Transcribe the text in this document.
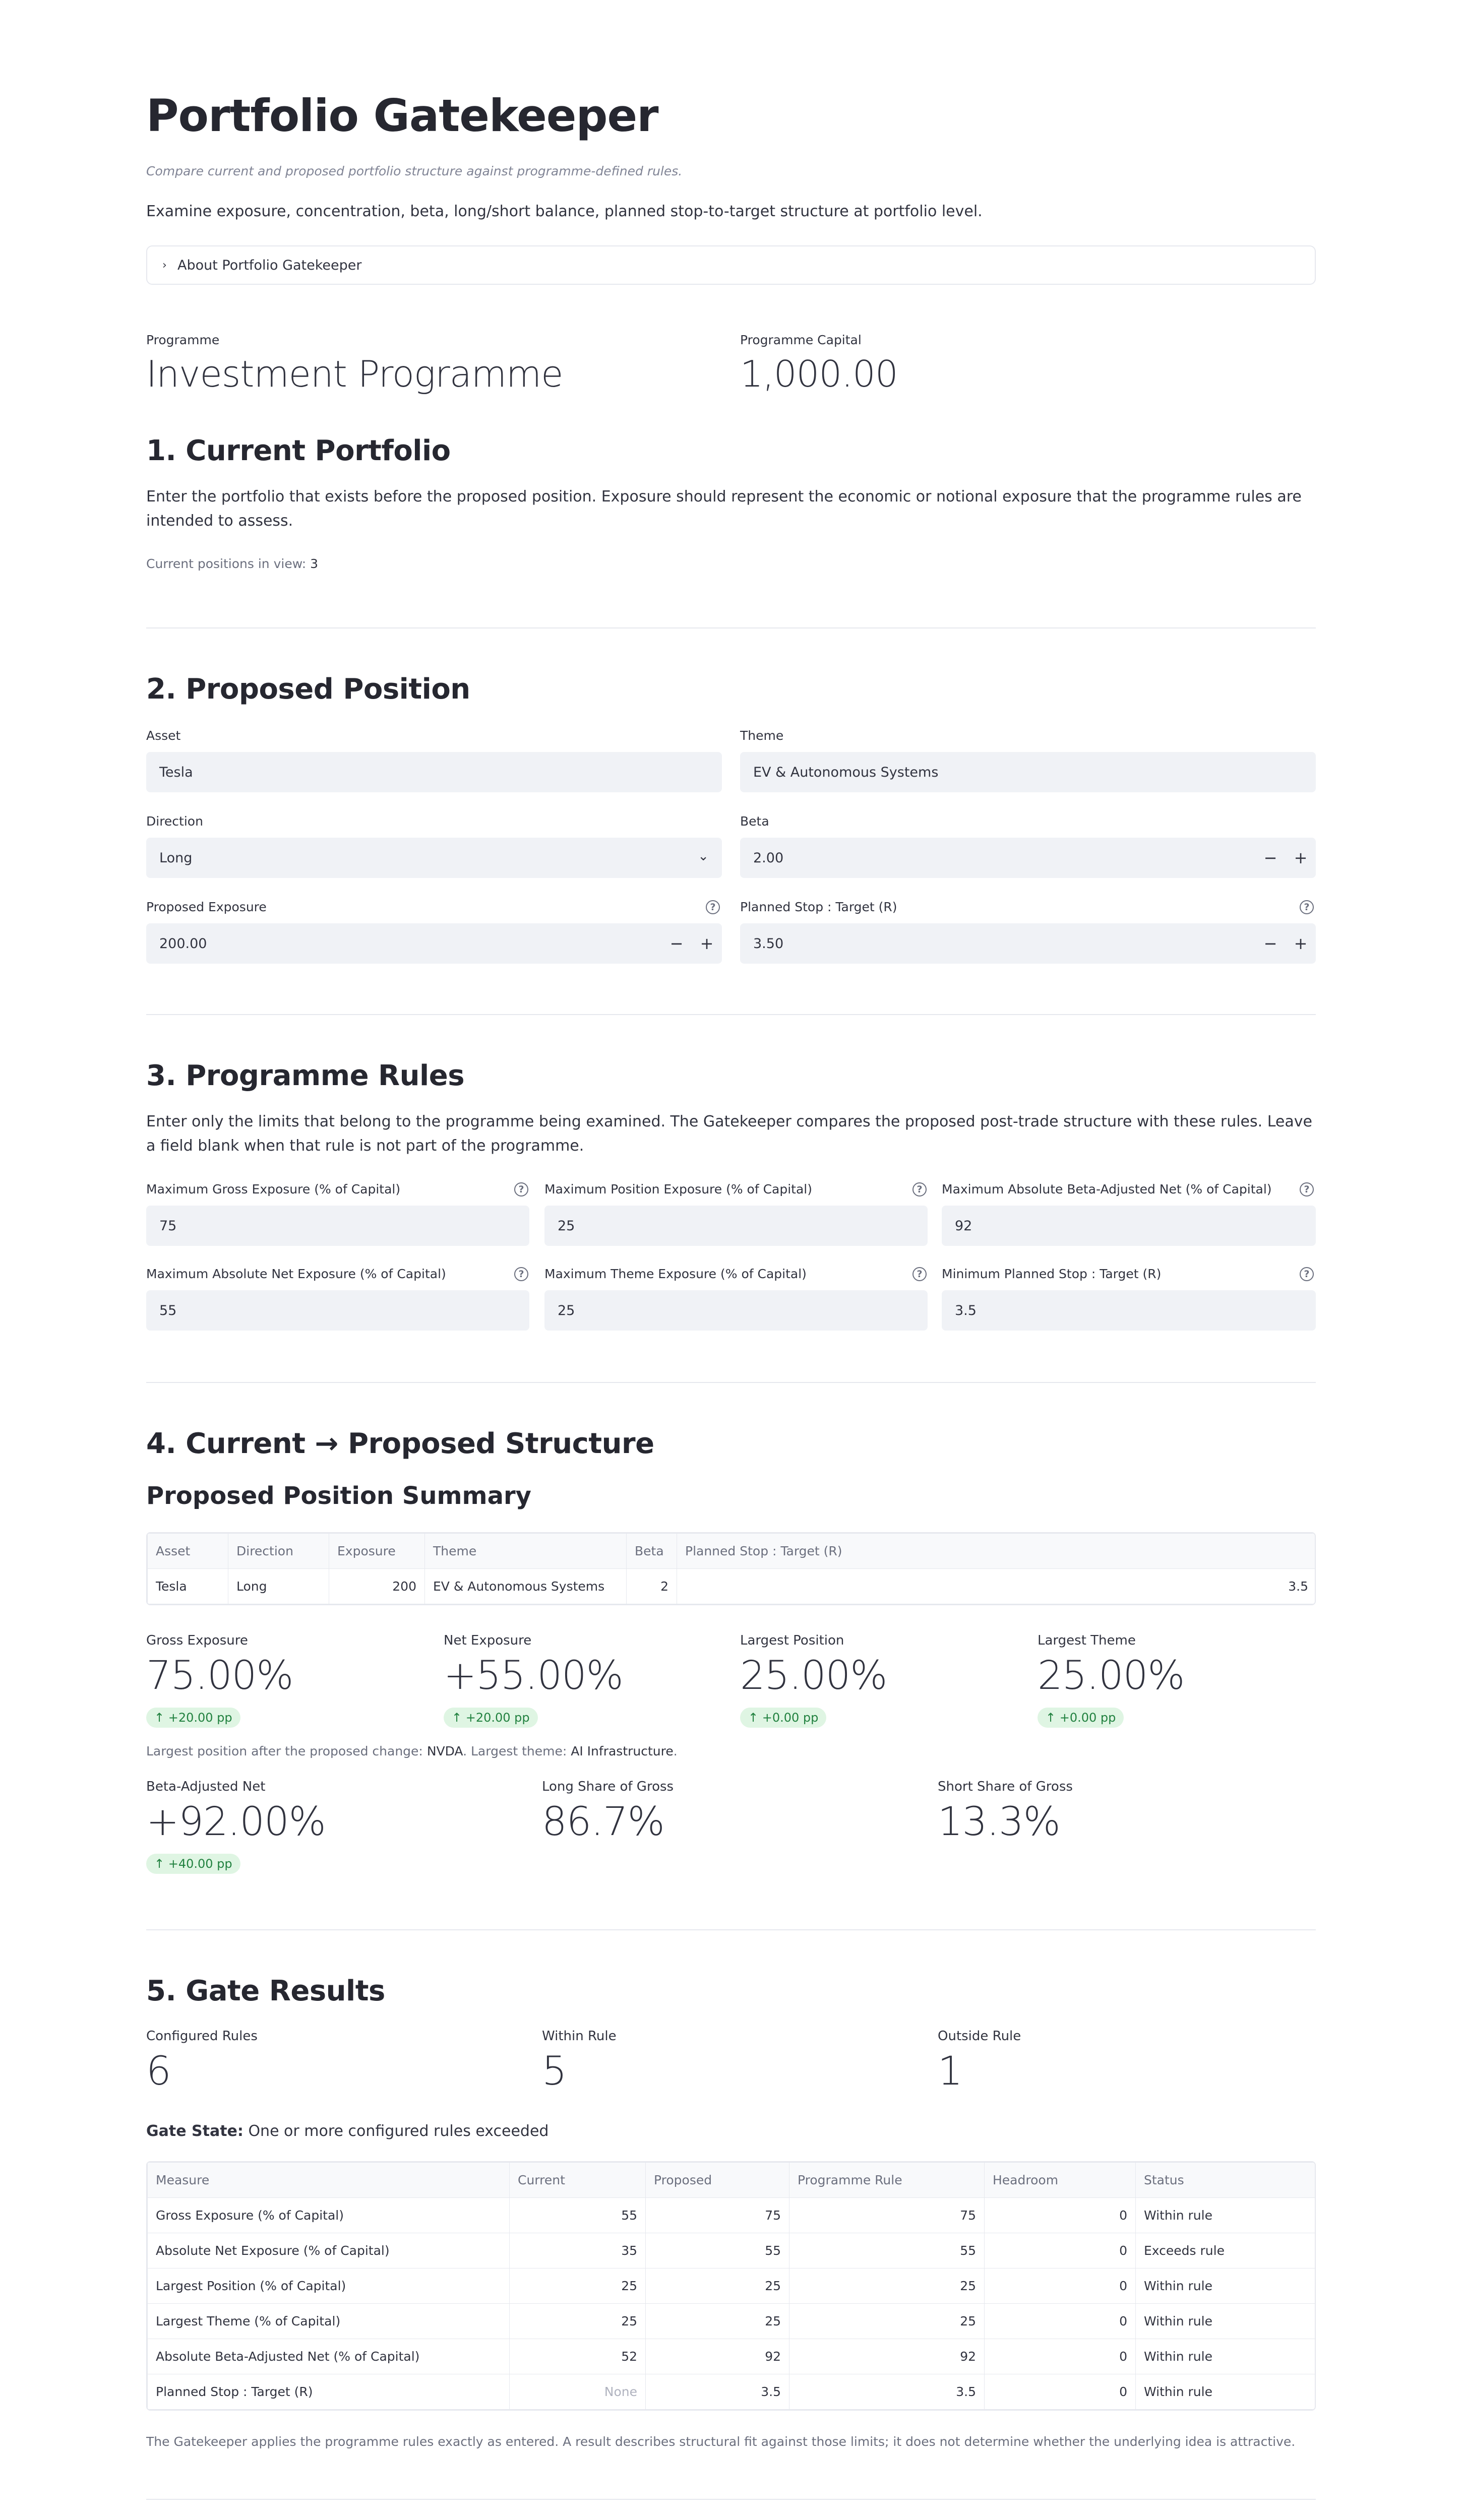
Portfolio Gatekeeper
Compare current and proposed portfolio structure against programme-defined rules.
Examine exposure, concentration, beta, long/short balance, planned stop-to-target structure at portfolio level.
› About Portfolio Gatekeeper
Programme
Investment Programme
Programme Capital
1,000.00
1. Current Portfolio
Enter the portfolio that exists before the proposed position. Exposure should represent the economic or notional exposure that the programme rules are intended to assess.
Current positions in view: 3
2. Proposed Position
Asset
Tesla
Theme
EV & Autonomous Systems
Direction
Long	⌄
Beta
2.00	−	+
Proposed Exposure	?
200.00	−	+
Planned Stop : Target (R)	?
3.50	−	+
3. Programme Rules
Enter only the limits that belong to the programme being examined. The Gatekeeper compares the proposed post-trade structure with these rules. Leave a field blank when that rule is not part of the programme.
Maximum Gross Exposure (% of Capital)	?
75
Maximum Position Exposure (% of Capital)	?
25
Maximum Absolute Beta-Adjusted Net (% of Capital)	?
92
Maximum Absolute Net Exposure (% of Capital)	?
55
Maximum Theme Exposure (% of Capital)	?
25
Minimum Planned Stop : Target (R)	?
3.5
4. Current → Proposed Structure
Proposed Position Summary
Asset	Direction	Exposure	Theme	Beta	Planned Stop : Target (R)
Tesla	Long	200	EV & Autonomous Systems	2	3.5
Gross Exposure
75.00%
↑ +20.00 pp
Net Exposure
+55.00%
↑ +20.00 pp
Largest Position
25.00%
↑ +0.00 pp
Largest Theme
25.00%
↑ +0.00 pp
Largest position after the proposed change: NVDA. Largest theme: AI Infrastructure.
Beta-Adjusted Net
+92.00%
↑ +40.00 pp
Long Share of Gross
86.7%
Short Share of Gross
13.3%
5. Gate Results
Configured Rules
6
Within Rule
5
Outside Rule
1
Gate State: One or more configured rules exceeded
Measure	Current	Proposed	Programme Rule	Headroom	Status
Gross Exposure (% of Capital)	55	75	75	0	Within rule
Absolute Net Exposure (% of Capital)	35	55	55	0	Exceeds rule
Largest Position (% of Capital)	25	25	25	0	Within rule
Largest Theme (% of Capital)	25	25	25	0	Within rule
Absolute Beta-Adjusted Net (% of Capital)	52	92	92	0	Within rule
Planned Stop : Target (R)	None	3.5	3.5	0	Within rule
The Gatekeeper applies the programme rules exactly as entered. A result describes structural fit against those limits; it does not determine whether the underlying idea is attractive.
